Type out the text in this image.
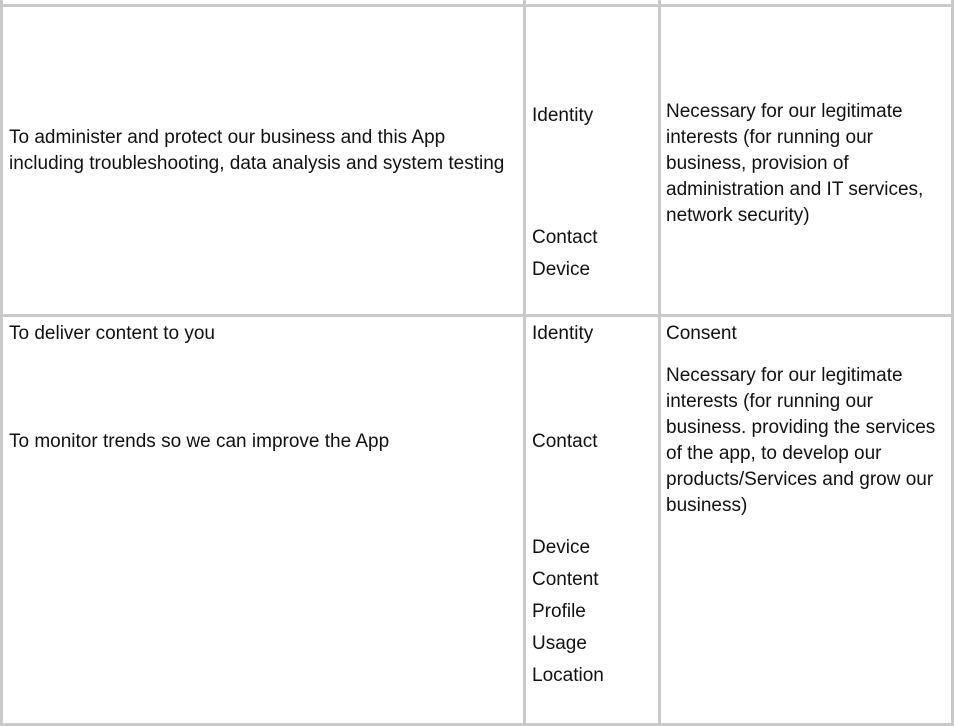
To administer and protect our business and this App including troubleshooting, data analysis and system testing
Identity
Contact
Device
Necessary for our legitimate interests (for running our business, provision of administration and IT services, network security)
To deliver content to you
To monitor trends so we can improve the App
Identity
Contact
Device
Content
Profile
Usage
Location
Consent
Necessary for our legitimate interests (for running our business. providing the services of the app, to develop our products/Services and grow our business)
